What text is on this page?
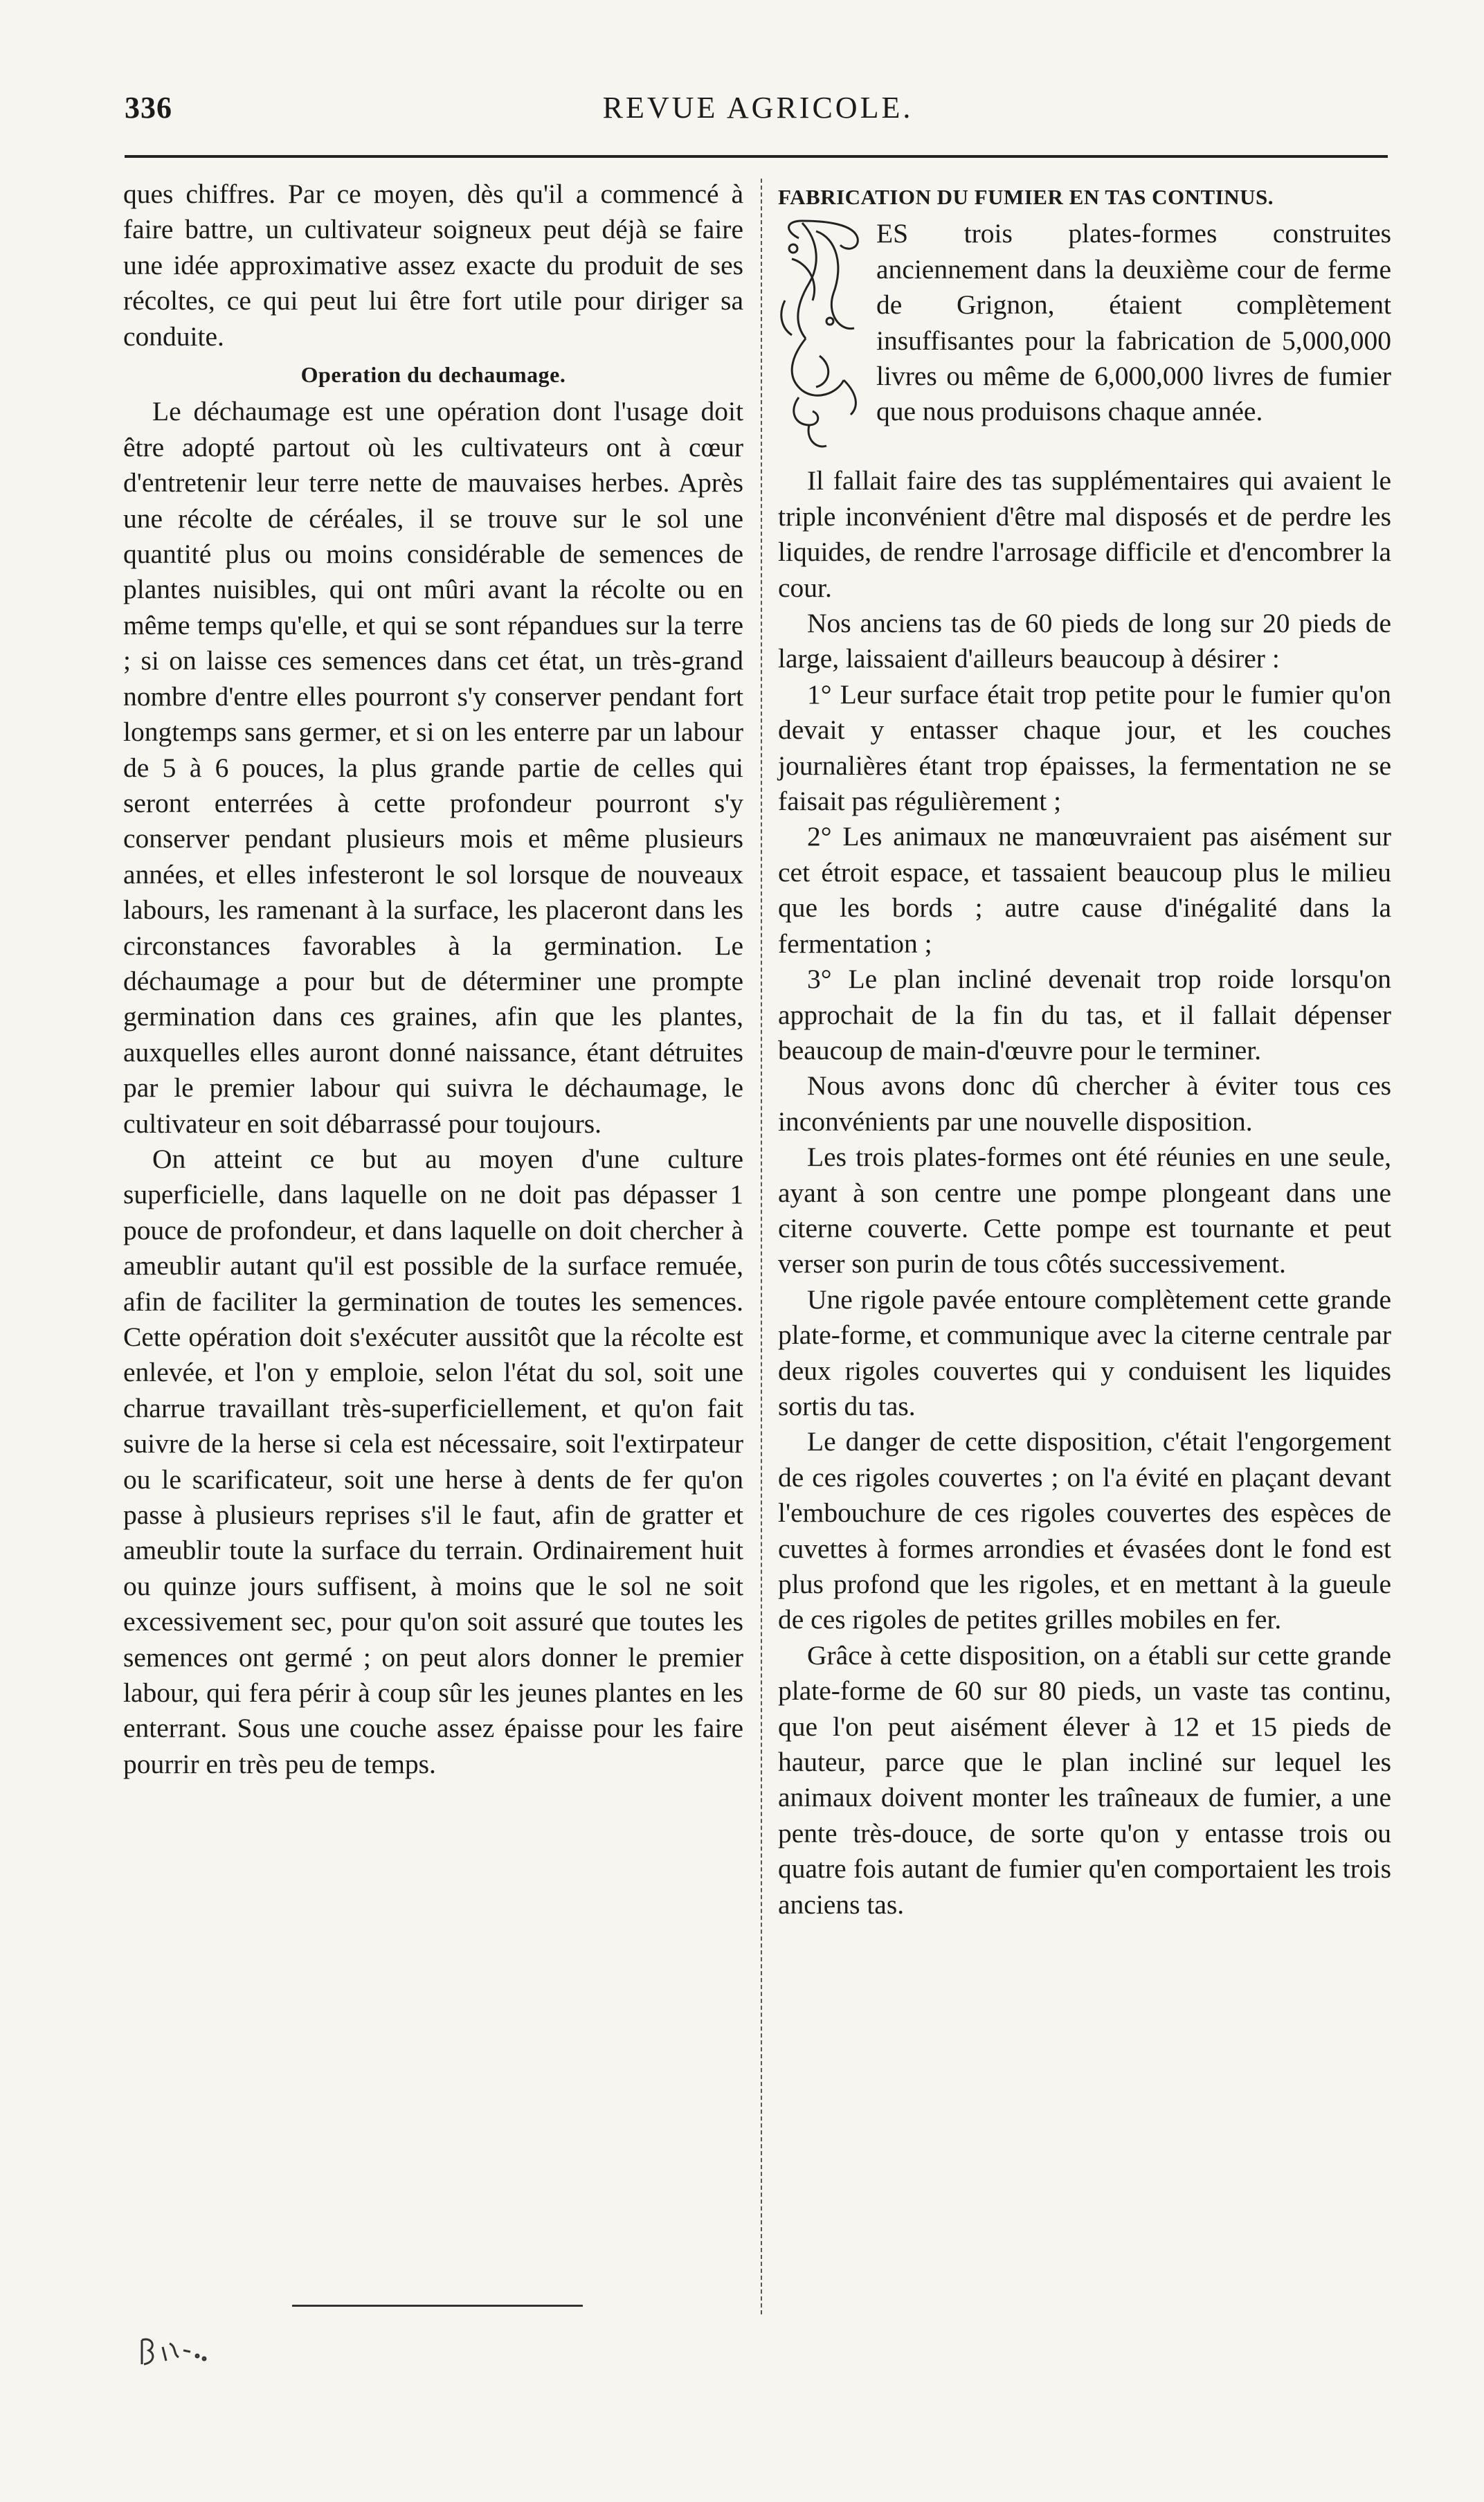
336	REVUE AGRICOLE.

ques chiffres. Par ce moyen, dès qu'il a commencé à faire battre, un cultivateur soigneux peut déjà se faire une idée approximative assez exacte du produit de ses récoltes, ce qui peut lui être fort utile pour diriger sa conduite.

Operation du dechaumage.

Le déchaumage est une opération dont l'usage doit être adopté partout où les cultivateurs ont à cœur d'entretenir leur terre nette de mauvaises herbes. Après une récolte de céréales, il se trouve sur le sol une quantité plus ou moins considérable de semences de plantes nuisibles, qui ont mûri avant la récolte ou en même temps qu'elle, et qui se sont répandues sur la terre ; si on laisse ces semences dans cet état, un très-grand nombre d'entre elles pourront s'y conserver pendant fort longtemps sans germer, et si on les enterre par un labour de 5 à 6 pouces, la plus grande partie de celles qui seront enterrées à cette profondeur pourront s'y conserver pendant plusieurs mois et même plusieurs années, et elles infesteront le sol lorsque de nouveaux labours, les ramenant à la surface, les placeront dans les circonstances favorables à la germination. Le déchaumage a pour but de déterminer une prompte germination dans ces graines, afin que les plantes, auxquelles elles auront donné naissance, étant détruites par le premier labour qui suivra le déchaumage, le cultivateur en soit débarrassé pour toujours.

On atteint ce but au moyen d'une culture superficielle, dans laquelle on ne doit pas dépasser 1 pouce de profondeur, et dans laquelle on doit chercher à ameublir autant qu'il est possible de la surface remuée, afin de faciliter la germination de toutes les semences. Cette opération doit s'exécuter aussitôt que la récolte est enlevée, et l'on y emploie, selon l'état du sol, soit une charrue travaillant très-superficiellement, et qu'on fait suivre de la herse si cela est nécessaire, soit l'extirpateur ou le scarificateur, soit une herse à dents de fer qu'on passe à plusieurs reprises s'il le faut, afin de gratter et ameublir toute la surface du terrain. Ordinairement huit ou quinze jours suffisent, à moins que le sol ne soit excessivement sec, pour qu'on soit assuré que toutes les semences ont germé ; on peut alors donner le premier labour, qui fera périr à coup sûr les jeunes plantes en les enterrant. Sous une couche assez épaisse pour les faire pourrir en très peu de temps.

FABRICATION DU FUMIER EN TAS CONTINUS.

ES trois plates-formes construites anciennement dans la deuxième cour de ferme de Grignon, étaient complètement insuffisantes pour la fabrication de 5,000,000 livres ou même de 6,000,000 livres de fumier que nous produisons chaque année.

Il fallait faire des tas supplémentaires qui avaient le triple inconvénient d'être mal disposés et de perdre les liquides, de rendre l'arrosage difficile et d'encombrer la cour.

Nos anciens tas de 60 pieds de long sur 20 pieds de large, laissaient d'ailleurs beaucoup à désirer :

1° Leur surface était trop petite pour le fumier qu'on devait y entasser chaque jour, et les couches journalières étant trop épaisses, la fermentation ne se faisait pas régulièrement ;

2° Les animaux ne manœuvraient pas aisément sur cet étroit espace, et tassaient beaucoup plus le milieu que les bords ; autre cause d'inégalité dans la fermentation ;

3° Le plan incliné devenait trop roide lorsqu'on approchait de la fin du tas, et il fallait dépenser beaucoup de main-d'œuvre pour le terminer.

Nous avons donc dû chercher à éviter tous ces inconvénients par une nouvelle disposition.

Les trois plates-formes ont été réunies en une seule, ayant à son centre une pompe plongeant dans une citerne couverte. Cette pompe est tournante et peut verser son purin de tous côtés successivement.

Une rigole pavée entoure complètement cette grande plate-forme, et communique avec la citerne centrale par deux rigoles couvertes qui y conduisent les liquides sortis du tas.

Le danger de cette disposition, c'était l'engorgement de ces rigoles couvertes ; on l'a évité en plaçant devant l'embouchure de ces rigoles couvertes des espèces de cuvettes à formes arrondies et évasées dont le fond est plus profond que les rigoles, et en mettant à la gueule de ces rigoles de petites grilles mobiles en fer.

Grâce à cette disposition, on a établi sur cette grande plate-forme de 60 sur 80 pieds, un vaste tas continu, que l'on peut aisément élever à 12 et 15 pieds de hauteur, parce que le plan incliné sur lequel les animaux doivent monter les traîneaux de fumier, a une pente très-douce, de sorte qu'on y entasse trois ou quatre fois autant de fumier qu'en comportaient les trois anciens tas.
